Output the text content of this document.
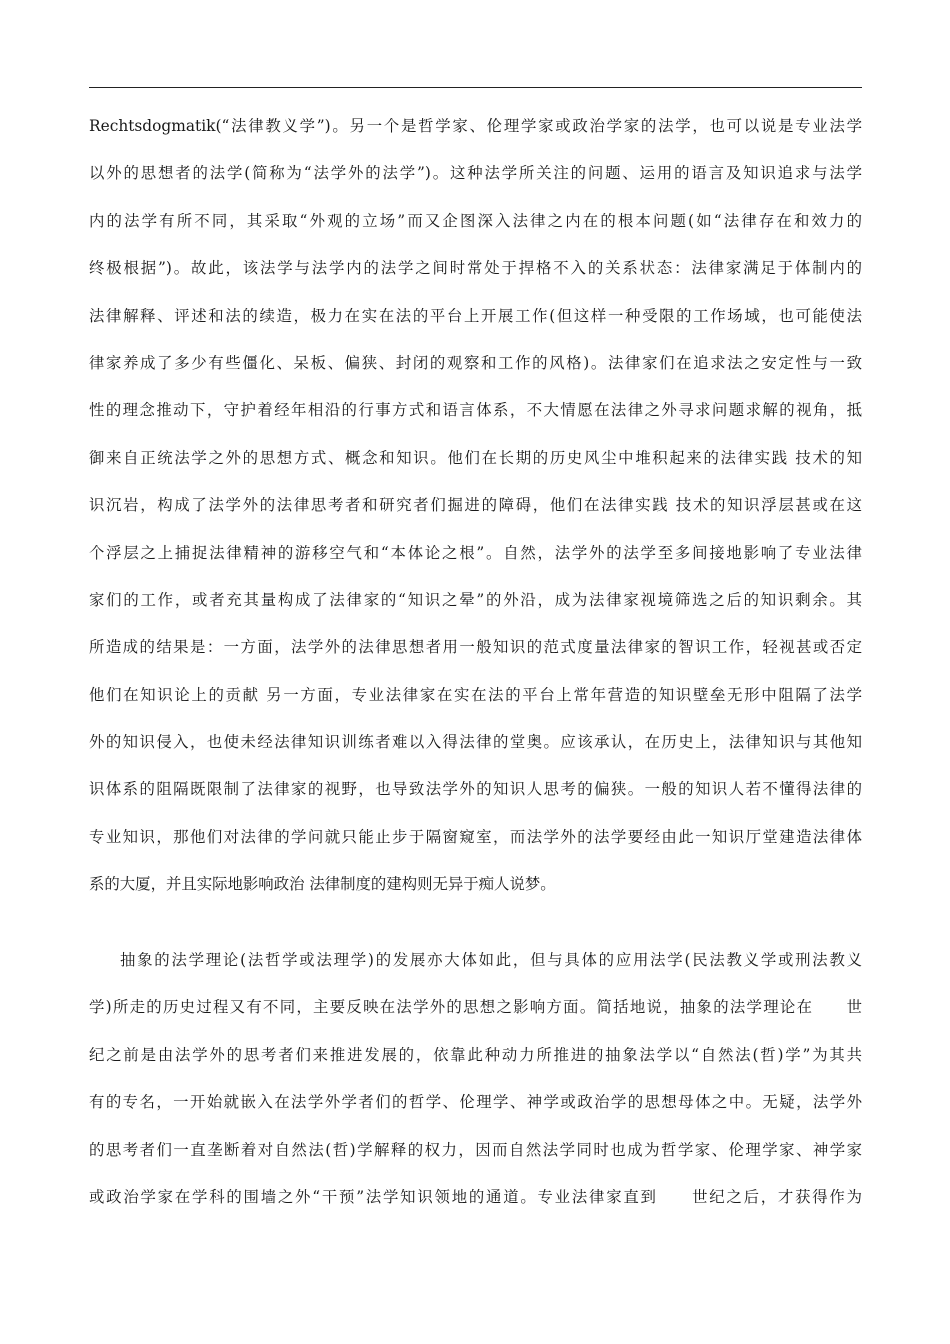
Rechtsdogmatik(“法律教义学”)。另一个是哲学家、伦理学家或政治学家的法学，也可以说是专业法学
以外的思想者的法学(简称为“法学外的法学”)。这种法学所关注的问题、运用的语言及知识追求与法学
内的法学有所不同，其采取“外观的立场”而又企图深入法律之内在的根本问题(如“法律存在和效力的
终极根据”)。故此，该法学与法学内的法学之间时常处于捍格不入的关系状态：法律家满足于体制内的
法律解释、评述和法的续造，极力在实在法的平台上开展工作(但这样一种受限的工作场域，也可能使法
律家养成了多少有些僵化、呆板、偏狭、封闭的观察和工作的风格)。法律家们在追求法之安定性与一致
性的理念推动下，守护着经年相沿的行事方式和语言体系，不大情愿在法律之外寻求问题求解的视角，抵
御来自正统法学之外的思想方式、概念和知识。他们在长期的历史风尘中堆积起来的法律实践 技术的知
识沉岩，构成了法学外的法律思考者和研究者们掘进的障碍，他们在法律实践 技术的知识浮层甚或在这
个浮层之上捕捉法律精神的游移空气和“本体论之根”。自然，法学外的法学至多间接地影响了专业法律
家们的工作，或者充其量构成了法律家的“知识之晕”的外沿，成为法律家视境筛选之后的知识剩余。其
所造成的结果是：一方面，法学外的法律思想者用一般知识的范式度量法律家的智识工作，轻视甚或否定
他们在知识论上的贡献 另一方面，专业法律家在实在法的平台上常年营造的知识壁垒无形中阻隔了法学
外的知识侵入，也使未经法律知识训练者难以入得法律的堂奥。应该承认，在历史上，法律知识与其他知
识体系的阻隔既限制了法律家的视野，也导致法学外的知识人思考的偏狭。一般的知识人若不懂得法律的
专业知识，那他们对法律的学问就只能止步于隔窗窥室，而法学外的法学要经由此一知识厅堂建造法律体
系的大厦，并且实际地影响政治 法律制度的建构则无异于痴人说梦。
抽象的法学理论(法哲学或法理学)的发展亦大体如此，但与具体的应用法学(民法教义学或刑法教义
学)所走的历史过程又有不同，主要反映在法学外的思想之影响方面。简括地说，抽象的法学理论在　　世
纪之前是由法学外的思考者们来推进发展的，依靠此种动力所推进的抽象法学以“自然法(哲)学”为其共
有的专名，一开始就嵌入在法学外学者们的哲学、伦理学、神学或政治学的思想母体之中。无疑，法学外
的思考者们一直垄断着对自然法(哲)学解释的权力，因而自然法学同时也成为哲学家、伦理学家、神学家
或政治学家在学科的围墙之外“干预”法学知识领地的通道。专业法律家直到　　世纪之后，才获得作为
